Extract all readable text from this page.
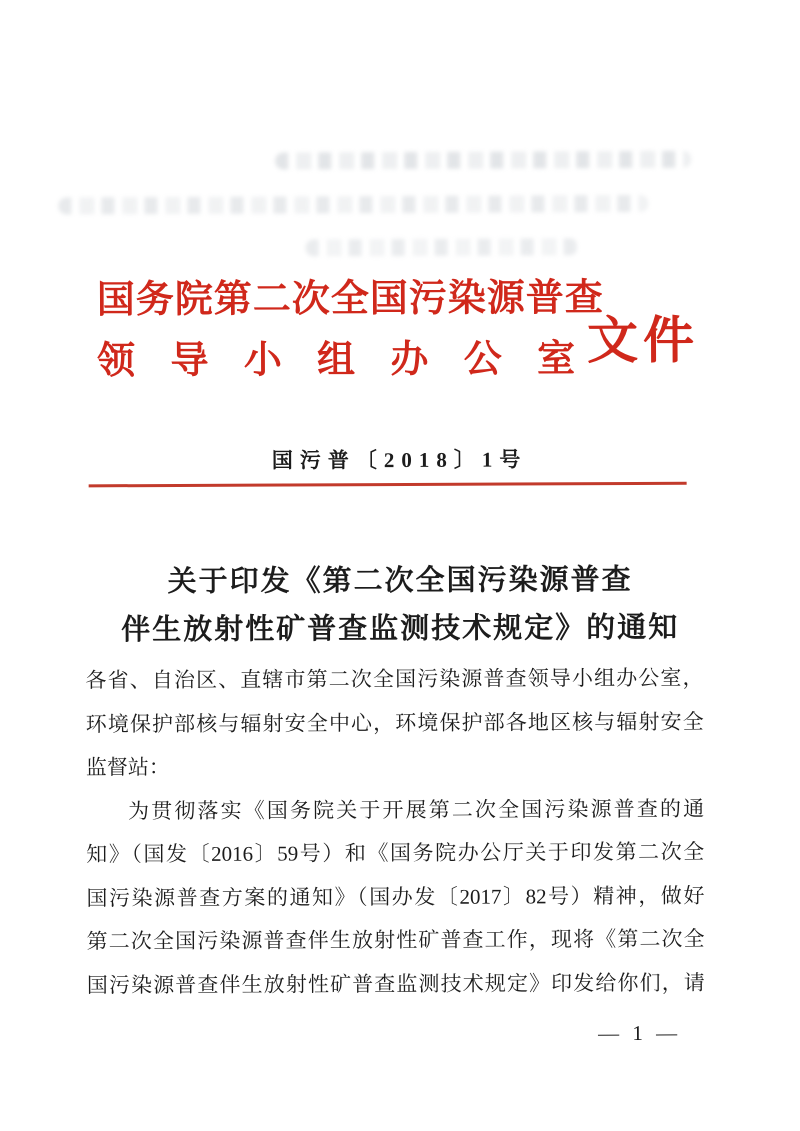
国务院第二次全国污染源普查
领导小组办公室 文件
国污普〔2018〕1号
关于印发《第二次全国污染源普查
伴生放射性矿普查监测技术规定》的通知
各省、自治区、直辖市第二次全国污染源普查领导小组办公室，
环境保护部核与辐射安全中心，环境保护部各地区核与辐射安全
监督站：
为贯彻落实《国务院关于开展第二次全国污染源普查的通
知》（国发〔2016〕59号）和《国务院办公厅关于印发第二次全
国污染源普查方案的通知》（国办发〔2017〕82号）精神，做好
第二次全国污染源普查伴生放射性矿普查工作，现将《第二次全
国污染源普查伴生放射性矿普查监测技术规定》印发给你们，请
— 1 —
